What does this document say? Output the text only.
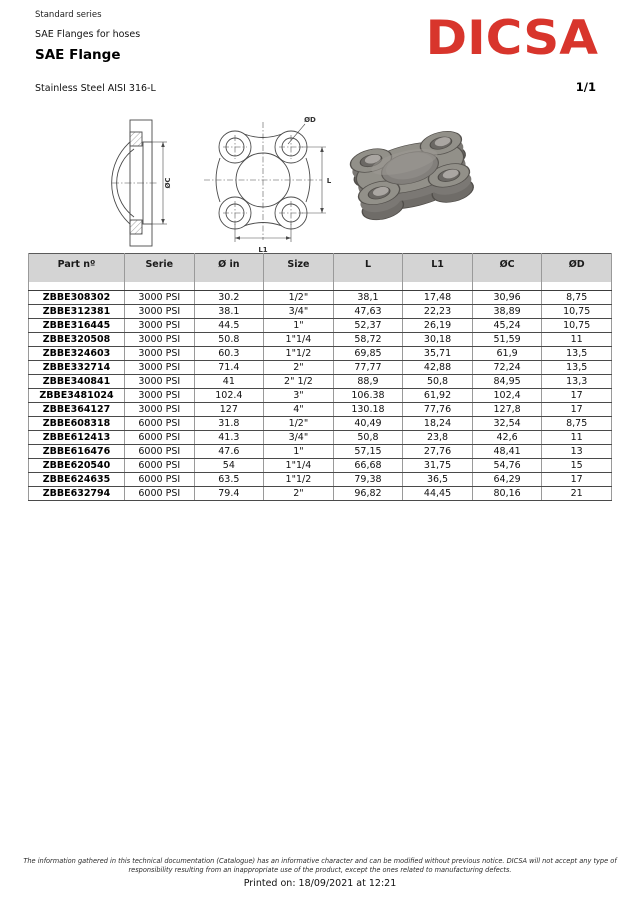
Standard series
SAE Flanges for hoses
SAE Flange
Stainless Steel AISI 316-L	1/1
DICSA
ØC
ØD
L
L1
Part nº	Serie	Ø in	Size	L	L1	ØC	ØD

ZBBE308302	3000 PSI	30.2	1/2"	38,1	17,48	30,96	8,75
ZBBE312381	3000 PSI	38.1	3/4"	47,63	22,23	38,89	10,75
ZBBE316445	3000 PSI	44.5	1"	52,37	26,19	45,24	10,75
ZBBE320508	3000 PSI	50.8	1"1/4	58,72	30,18	51,59	11
ZBBE324603	3000 PSI	60.3	1"1/2	69,85	35,71	61,9	13,5
ZBBE332714	3000 PSI	71.4	2"	77,77	42,88	72,24	13,5
ZBBE340841	3000 PSI	41	2" 1/2	88,9	50,8	84,95	13,3
ZBBE3481024	3000 PSI	102.4	3"	106.38	61,92	102,4	17
ZBBE364127	3000 PSI	127	4"	130.18	77,76	127,8	17
ZBBE608318	6000 PSI	31.8	1/2"	40,49	18,24	32,54	8,75
ZBBE612413	6000 PSI	41.3	3/4"	50,8	23,8	42,6	11
ZBBE616476	6000 PSI	47.6	1"	57,15	27,76	48,41	13
ZBBE620540	6000 PSI	54	1"1/4	66,68	31,75	54,76	15
ZBBE624635	6000 PSI	63.5	1"1/2	79,38	36,5	64,29	17
ZBBE632794	6000 PSI	79.4	2"	96,82	44,45	80,16	21
The information gathered in this technical documentation (Catalogue) has an informative character and can be modified without previous notice. DICSA will not accept any type of responsibility resulting from an inappropriate use of the product, except the ones related to manufacturing defects.
Printed on: 18/09/2021 at 12:21
